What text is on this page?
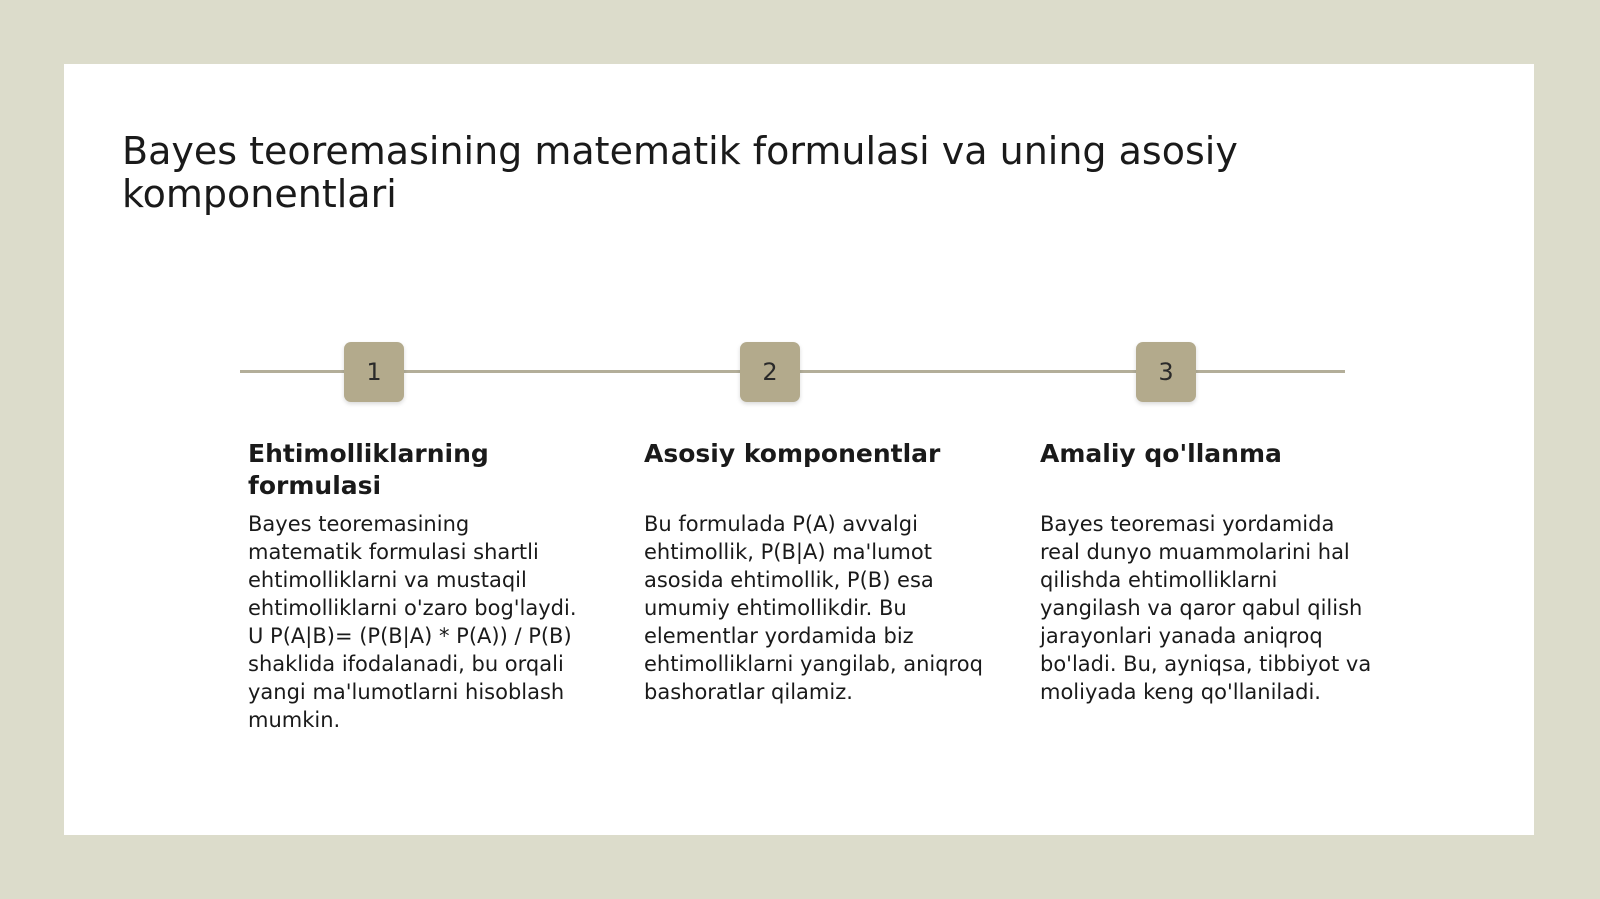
Bayes teoremasining matematik formulasi va uning asosiy komponentlari
1	2	3
Ehtimolliklarning formulasi

Bayes teoremasining matematik formulasi shartli ehtimolliklarni va mustaqil ehtimolliklarni o'zaro bog'laydi. U P(A|B)= (P(B|A) * P(A)) / P(B) shaklida ifodalanadi, bu orqali yangi ma'lumotlarni hisoblash mumkin.

Asosiy komponentlar

Bu formulada P(A) avvalgi ehtimollik, P(B|A) ma'lumot asosida ehtimollik, P(B) esa umumiy ehtimollikdir. Bu elementlar yordamida biz ehtimolliklarni yangilab, aniqroq bashoratlar qilamiz.

Amaliy qo'llanma

Bayes teoremasi yordamida real dunyo muammolarini hal qilishda ehtimolliklarni yangilash va qaror qabul qilish jarayonlari yanada aniqroq bo'ladi. Bu, ayniqsa, tibbiyot va moliyada keng qo'llaniladi.
